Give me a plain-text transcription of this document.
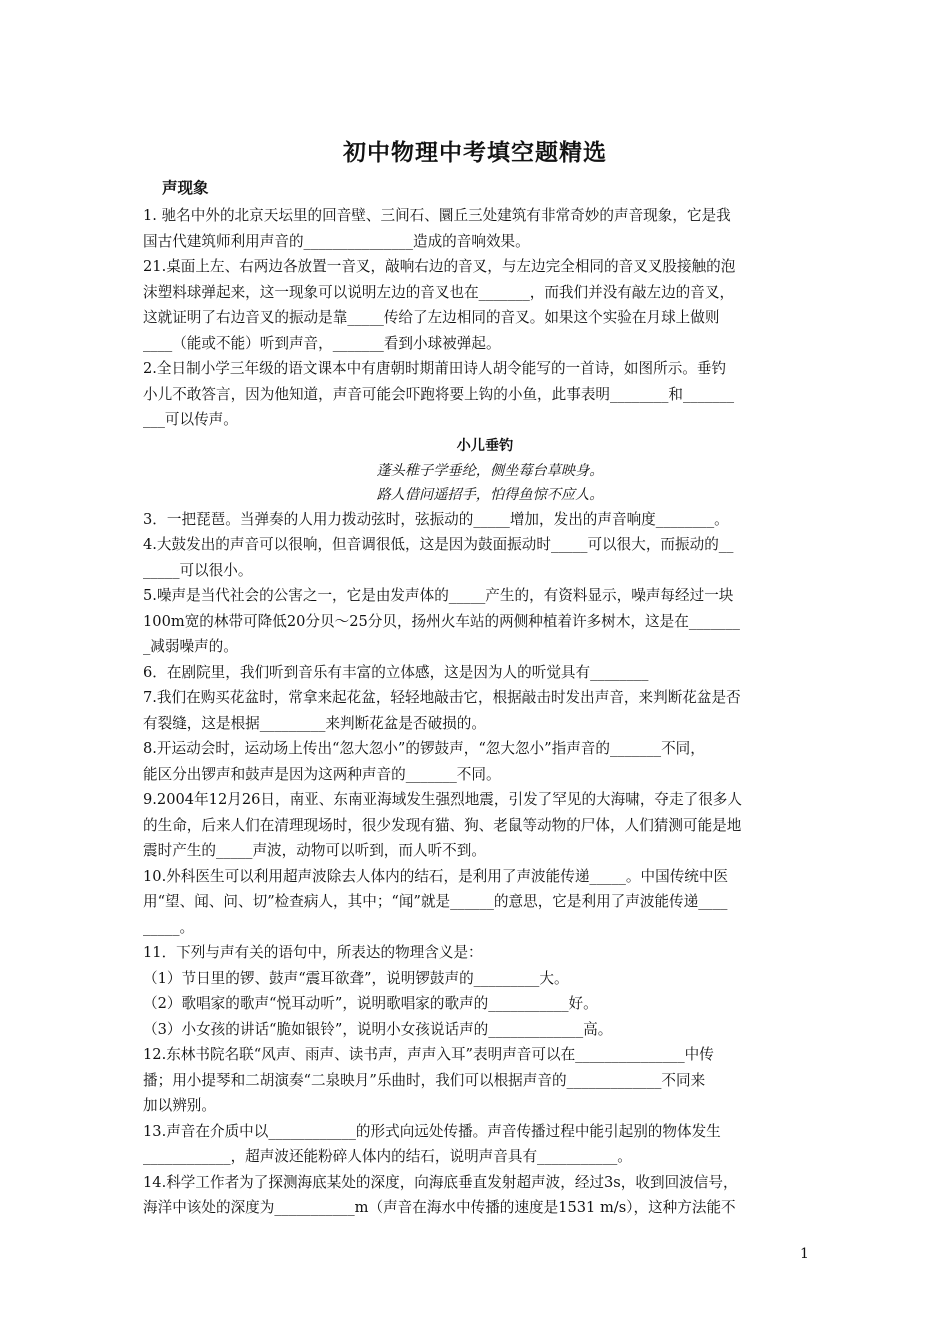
初中物理中考填空题精选
声现象
1. 驰名中外的北京天坛里的回音壁、三间石、圜丘三处建筑有非常奇妙的声音现象，它是我
国古代建筑师利用声音的_______________造成的音响效果。
21.桌面上左、右两边各放置一音叉，敲响右边的音叉，与左边完全相同的音叉叉股接触的泡
沫塑料球弹起来，这一现象可以说明左边的音叉也在_______，而我们并没有敲左边的音叉，
这就证明了右边音叉的振动是靠_____传给了左边相同的音叉。如果这个实验在月球上做则
____（能或不能）听到声音，_______看到小球被弹起。
2.全日制小学三年级的语文课本中有唐朝时期莆田诗人胡令能写的一首诗，如图所示。垂钓
小儿不敢答言，因为他知道，声音可能会吓跑将要上钩的小鱼，此事表明________和_______
___可以传声。
小儿垂钓
蓬头稚子学垂纶，侧坐莓台草映身。
路人借问遥招手，怕得鱼惊不应人。
3．一把琵琶。当弹奏的人用力拨动弦时，弦振动的_____增加，发出的声音响度________。
4.大鼓发出的声音可以很响，但音调很低，这是因为鼓面振动时_____可以很大，而振动的__
_____可以很小。
5.噪声是当代社会的公害之一，它是由发声体的_____产生的，有资料显示，噪声每经过一块
100m宽的林带可降低20分贝～25分贝，扬州火车站的两侧种植着许多树木，这是在_______
_减弱噪声的。
6．在剧院里，我们听到音乐有丰富的立体感，这是因为人的听觉具有________
7.我们在购买花盆时，常拿来起花盆，轻轻地敲击它，根据敲击时发出声音，来判断花盆是否
有裂缝，这是根据_________来判断花盆是否破损的。
8.开运动会时，运动场上传出“忽大忽小”的锣鼓声，“忽大忽小”指声音的_______不同，
能区分出锣声和鼓声是因为这两种声音的_______不同。
9.2004年12月26日，南亚、东南亚海域发生强烈地震，引发了罕见的大海啸，夺走了很多人
的生命，后来人们在清理现场时，很少发现有猫、狗、老鼠等动物的尸体，人们猜测可能是地
震时产生的_____声波，动物可以听到，而人听不到。
10.外科医生可以利用超声波除去人体内的结石，是利用了声波能传递_____。中国传统中医
用“望、闻、问、切”检查病人，其中；“闻”就是______的意思，它是利用了声波能传递____
_____。
11．下列与声有关的语句中，所表达的物理含义是：
（1）节日里的锣、鼓声“震耳欲聋”，说明锣鼓声的_________大。
（2）歌唱家的歌声“悦耳动听”，说明歌唱家的歌声的___________好。
（3）小女孩的讲话“脆如银铃”，说明小女孩说话声的_____________高。
12.东林书院名联“风声、雨声、读书声，声声入耳”表明声音可以在_______________中传
播；用小提琴和二胡演奏“二泉映月”乐曲时，我们可以根据声音的_____________不同来
加以辨别。
13.声音在介质中以____________的形式向远处传播。声音传播过程中能引起别的物体发生
____________，超声波还能粉碎人体内的结石，说明声音具有___________。
14.科学工作者为了探测海底某处的深度，向海底垂直发射超声波，经过3s，收到回波信号，
海洋中该处的深度为___________m（声音在海水中传播的速度是1531 m/s），这种方法能不
1
